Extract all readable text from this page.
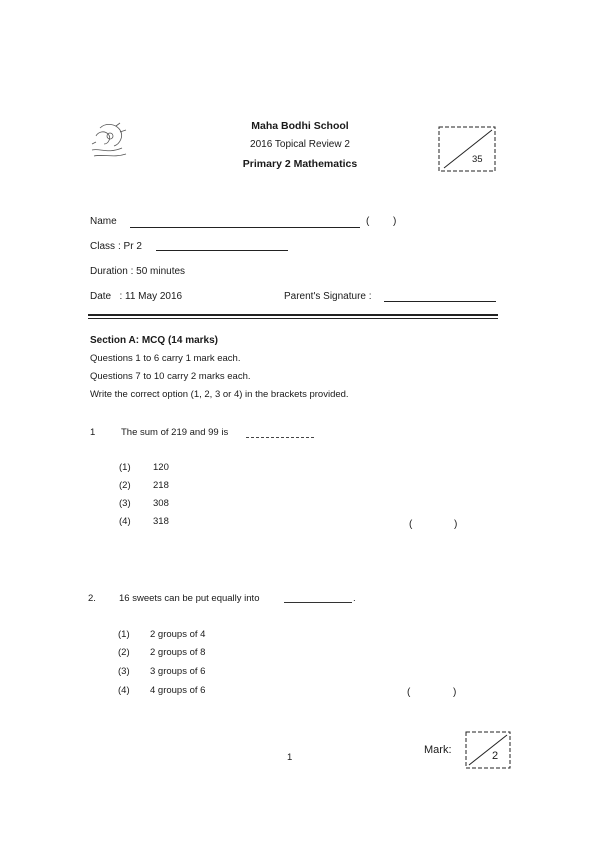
Maha Bodhi School
2016 Topical Review 2
Primary 2 Mathematics	35
Name	( )
Class : Pr 2
Duration : 50 minutes
Date   : 11 May 2016	Parent's Signature :
Section A: MCQ (14 marks)
Questions 1 to 6 carry 1 mark each.
Questions 7 to 10 carry 2 marks each.
Write the correct option (1, 2, 3 or 4) in the brackets provided.
1	The sum of 219 and 99 is
(1)	120
(2)	218
(3)	308
(4)	318	(	)
2. 16 sweets can be put equally into	.
(1)	2 groups of 4
(2)	2 groups of 8
(3)	3 groups of 6
(4)	4 groups of 6	(	)
1
Mark:	2
